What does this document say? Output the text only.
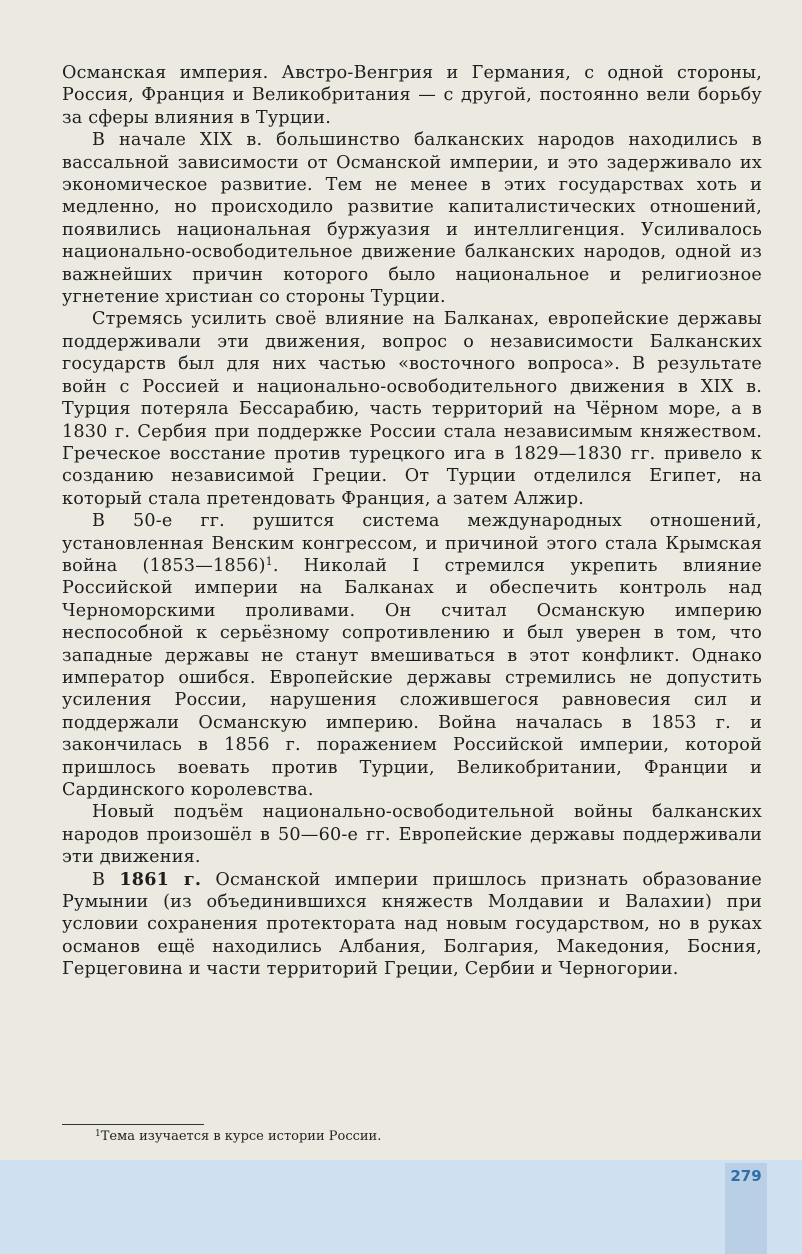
Османская империя. Австро-Венгрия и Германия, с одной стороны, Россия, Франция и Великобритания — с другой, постоянно вели борьбу за сферы влияния в Турции.

В начале XIX в. большинство балканских народов находились в вассальной зависимости от Османской империи, и это задерживало их экономическое развитие. Тем не менее в этих государствах хоть и медленно, но происходило развитие капиталистических отношений, появились национальная буржуазия и интеллигенция. Усиливалось национально-освободительное движение балканских народов, одной из важнейших причин которого было национальное и религиозное угнетение христиан со стороны Турции.

Стремясь усилить своё влияние на Балканах, европейские державы поддерживали эти движения, вопрос о независимости Балканских государств был для них частью «восточного вопроса». В результате войн с Россией и национально-освободительного движения в XIX в. Турция потеряла Бессарабию, часть территорий на Чёрном море, а в 1830 г. Сербия при поддержке России стала независимым княжеством. Греческое восстание против турецкого ига в 1829—1830 гг. привело к созданию независимой Греции. От Турции отделился Египет, на который стала претендовать Франция, а затем Алжир.

В 50-е гг. рушится система международных отношений, установленная Венским конгрессом, и причиной этого стала Крымская война (1853—1856)$^1$. Николай I стремился укрепить влияние Российской империи на Балканах и обеспечить контроль над Черноморскими проливами. Он считал Османскую империю неспособной к серьёзному сопротивлению и был уверен в том, что западные державы не станут вмешиваться в этот конфликт. Однако император ошибся. Европейские державы стремились не допустить усиления России, нарушения сложившегося равновесия сил и поддержали Османскую империю. Война началась в 1853 г. и закончилась в 1856 г. поражением Российской империи, которой пришлось воевать против Турции, Великобритании, Франции и Сардинского королевства.

Новый подъём национально-освободительной войны балканских народов произошёл в 50—60-е гг. Европейские державы поддерживали эти движения.

В 1861 г. Османской империи пришлось признать образование Румынии (из объединившихся княжеств Молдавии и Валахии) при условии сохранения протектората над новым государством, но в руках османов ещё находились Албания, Болгария, Македония, Босния, Герцеговина и части территорий Греции, Сербии и Черногории.

$^1$Тема изучается в курсе истории России.
279
